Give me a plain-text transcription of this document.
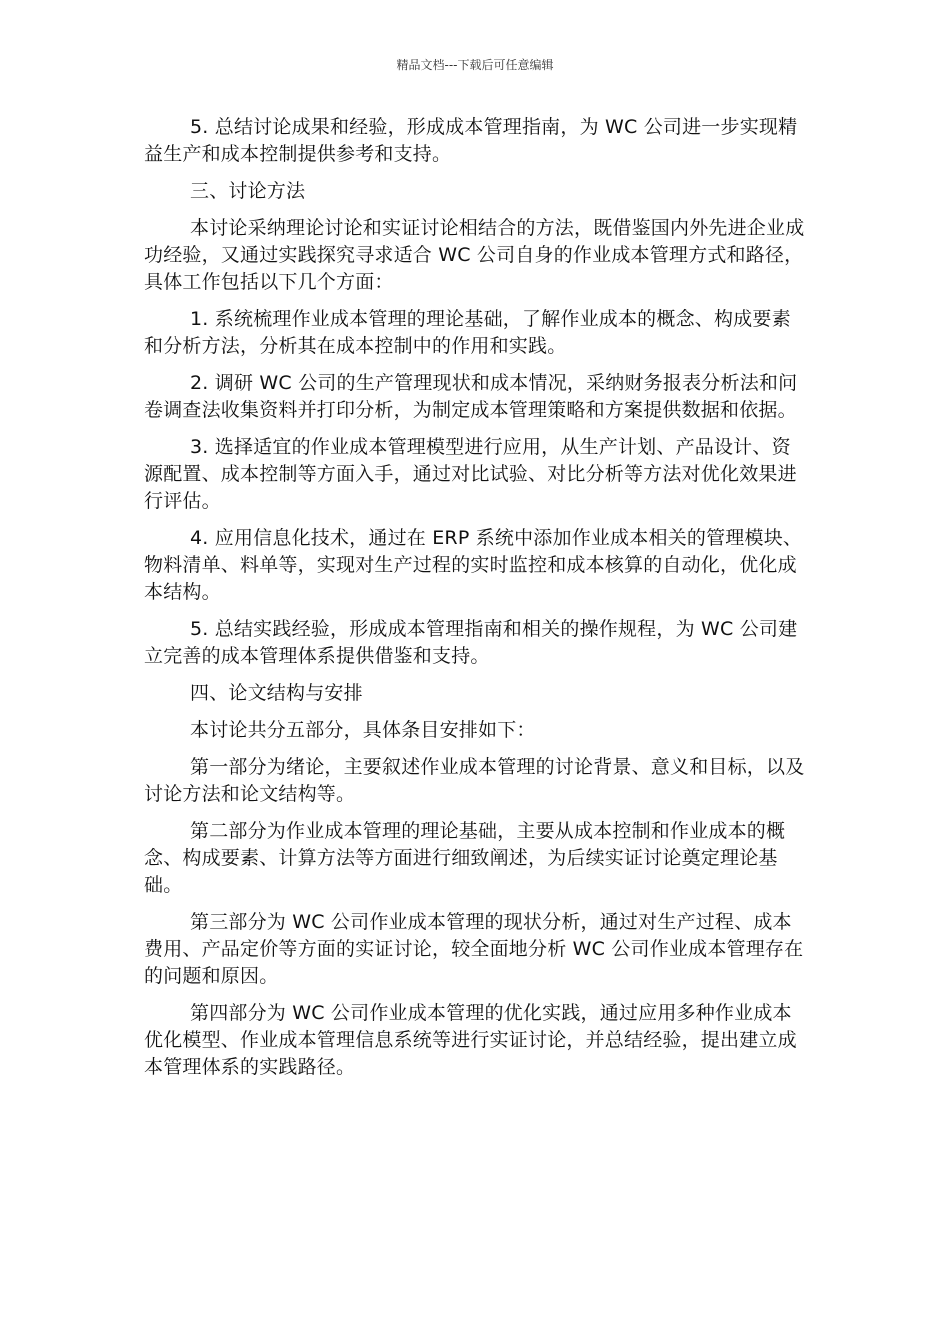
精品文档---下载后可任意编辑

5. 总结讨论成果和经验，形成成本管理指南，为 WC 公司进一步实现精益生产和成本控制提供参考和支持。

三、讨论方法

本讨论采纳理论讨论和实证讨论相结合的方法，既借鉴国内外先进企业成功经验，又通过实践探究寻求适合 WC 公司自身的作业成本管理方式和路径，具体工作包括以下几个方面：

1. 系统梳理作业成本管理的理论基础，了解作业成本的概念、构成要素和分析方法，分析其在成本控制中的作用和实践。

2. 调研 WC 公司的生产管理现状和成本情况，采纳财务报表分析法和问卷调查法收集资料并打印分析，为制定成本管理策略和方案提供数据和依据。

3. 选择适宜的作业成本管理模型进行应用，从生产计划、产品设计、资源配置、成本控制等方面入手，通过对比试验、对比分析等方法对优化效果进行评估。

4. 应用信息化技术，通过在 ERP 系统中添加作业成本相关的管理模块、物料清单、料单等，实现对生产过程的实时监控和成本核算的自动化，优化成本结构。

5. 总结实践经验，形成成本管理指南和相关的操作规程，为 WC 公司建立完善的成本管理体系提供借鉴和支持。

四、论文结构与安排

本讨论共分五部分，具体条目安排如下：

第一部分为绪论，主要叙述作业成本管理的讨论背景、意义和目标，以及讨论方法和论文结构等。

第二部分为作业成本管理的理论基础，主要从成本控制和作业成本的概念、构成要素、计算方法等方面进行细致阐述，为后续实证讨论奠定理论基础。

第三部分为 WC 公司作业成本管理的现状分析，通过对生产过程、成本费用、产品定价等方面的实证讨论，较全面地分析 WC 公司作业成本管理存在的问题和原因。

第四部分为 WC 公司作业成本管理的优化实践，通过应用多种作业成本优化模型、作业成本管理信息系统等进行实证讨论，并总结经验，提出建立成本管理体系的实践路径。
